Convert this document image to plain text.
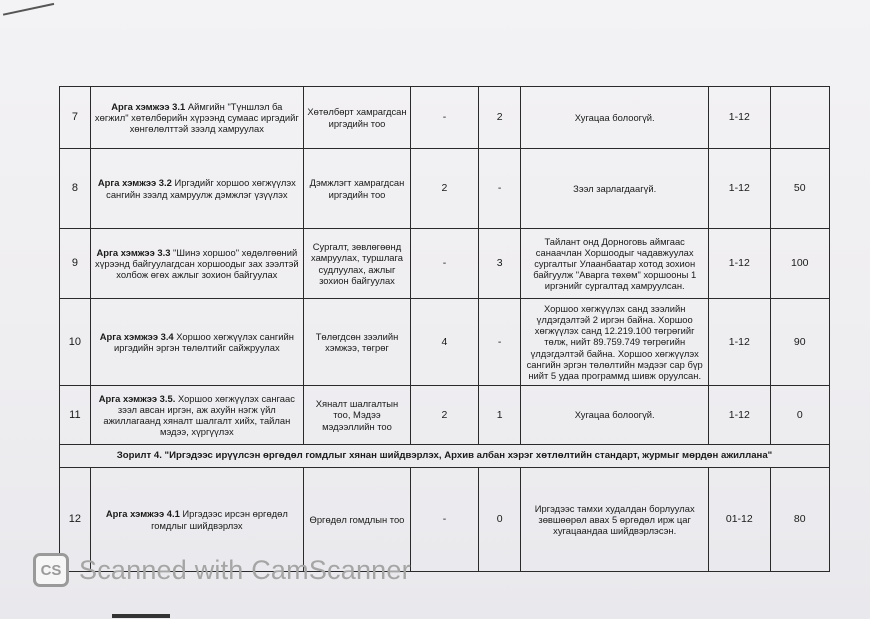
7	Арга хэмжээ 3.1 Аймгийн "Түншлэл ба хөгжил" хөтөлбөрийн хүрээнд сумаас иргэдийг хөнгөлөлттэй зээлд хамруулах	Хөтөлбөрт хамрагдсан иргэдийн тоо	-	2	Хугацаа болоогүй.	1-12	
8	Арга хэмжээ 3.2 Иргэдийг хоршоо хөгжүүлэх сангийн зээлд хамруулж дэмжлэг үзүүлэх	Дэмжлэгт хамрагдсан иргэдийн тоо	2	-	Зээл зарлагдаагүй.	1-12	50
9	Арга хэмжээ 3.3 "Шинэ хоршоо" хөдөлгөөний хүрээнд байгуулагдсан хоршоодыг зах зээлтэй холбож өгөх ажлыг зохион байгуулах	Сургалт, зөвлөгөөнд хамруулах, туршлага судлуулах, ажлыг зохион байгуулах	-	3	Тайлант онд Дорноговь аймгаас санаачлан Хоршоодыг чадавжуулах сургалтыг Улаанбаатар хотод зохион байгуулж "Аварга төхөм" хоршооны 1 иргэнийг сургалтад хамруулсан.	1-12	100
10	Арга хэмжээ 3.4 Хоршоо хөгжүүлэх сангийн иргэдийн эргэн төлөлтийг сайжруулах	Төлөгдсөн зээлийн хэмжээ, төгрөг	4	-	Хоршоо хөгжүүлэх санд зээлийн үлдэгдэлтэй 2 иргэн байна. Хоршоо хөгжүүлэх санд 12.219.100 төгрөгийг төлж, нийт 89.759.749 төгрөгийн үлдэгдэлтэй байна. Хоршоо хөгжүүлэх сангийн эргэн төлөлтийн мэдээг сар бүр нийт 5 удаа программд шивж оруулсан.	1-12	90
11	Арга хэмжээ 3.5. Хоршоо хөгжүүлэх сангаас зээл авсан иргэн, аж ахуйн нэгж үйл ажиллагаанд хяналт шалгалт хийх, тайлан мэдээ, хүргүүлэх	Хяналт шалгалтын тоо, Мэдээ мэдээллийн тоо	2	1	Хугацаа болоогүй.	1-12	0
Зорилт 4. "Иргэдээс ирүүлсэн өргөдөл гомдлыг хянан шийдвэрлэх, Архив албан хэрэг хөтлөлтийн стандарт, журмыг мөрдөн ажиллана"							
12	Арга хэмжээ 4.1 Иргэдээс ирсэн өргөдөл гомдлыг шийдвэрлэх	Өргөдөл гомдлын тоо	-	0	Иргэдээс тамхи худалдан борлуулах зөвшөөрөл авах 5 өргөдөл ирж цаг хугацаандаа шийдвэрлэсэн.	01-12	80
CS Scanned with CamScanner
